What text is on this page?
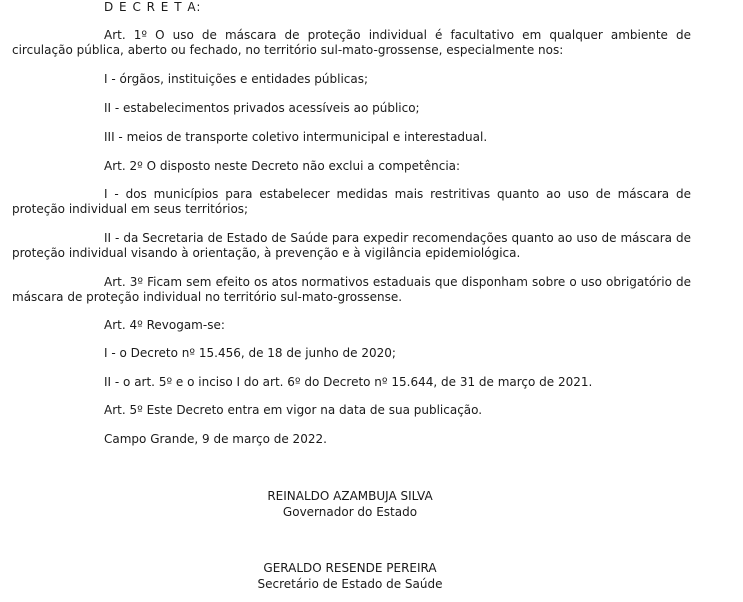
D E C R E T A:

Art. 1º O uso de máscara de proteção individual é facultativo em qualquer ambiente de circulação pública, aberto ou fechado, no território sul-mato-grossense, especialmente nos:

I - órgãos, instituições e entidades públicas;
II - estabelecimentos privados acessíveis ao público;
III - meios de transporte coletivo intermunicipal e interestadual.
Art. 2º O disposto neste Decreto não exclui a competência:

I - dos municípios para estabelecer medidas mais restritivas quanto ao uso de máscara de proteção individual em seus territórios;

II - da Secretaria de Estado de Saúde para expedir recomendações quanto ao uso de máscara de proteção individual visando à orientação, à prevenção e à vigilância epidemiológica.

Art. 3º Ficam sem efeito os atos normativos estaduais que disponham sobre o uso obrigatório de máscara de proteção individual no território sul-mato-grossense.

Art. 4º Revogam-se:
I - o Decreto nº 15.456, de 18 de junho de 2020;
II - o art. 5º e o inciso I do art. 6º do Decreto nº 15.644, de 31 de março de 2021.
Art. 5º Este Decreto entra em vigor na data de sua publicação.
Campo Grande, 9 de março de 2022.
REINALDO AZAMBUJA SILVA
Governador do Estado
GERALDO RESENDE PEREIRA
Secretário de Estado de Saúde
